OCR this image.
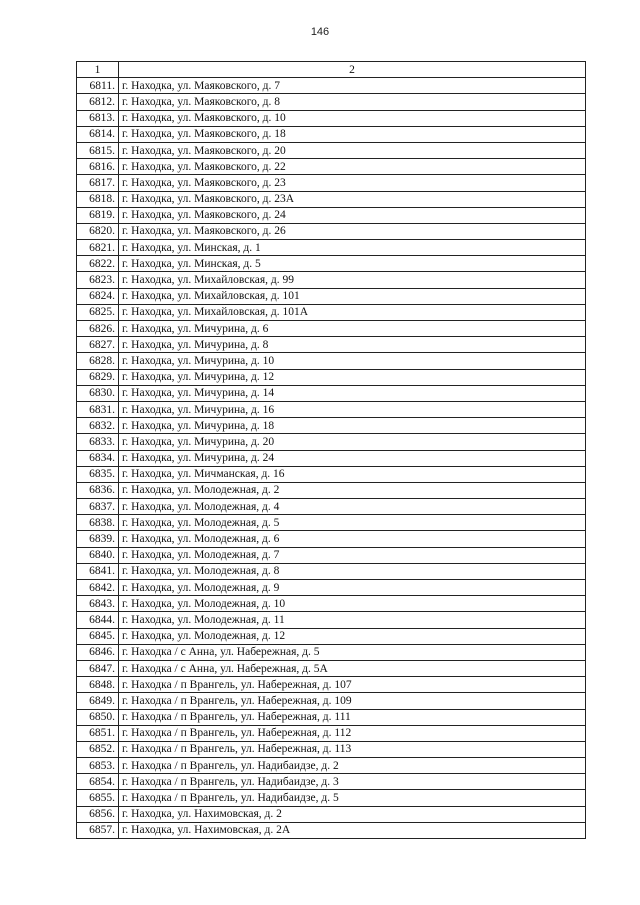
146
1	2
6811.	г. Находка, ул. Маяковского, д. 7
6812.	г. Находка, ул. Маяковского, д. 8
6813.	г. Находка, ул. Маяковского, д. 10
6814.	г. Находка, ул. Маяковского, д. 18
6815.	г. Находка, ул. Маяковского, д. 20
6816.	г. Находка, ул. Маяковского, д. 22
6817.	г. Находка, ул. Маяковского, д. 23
6818.	г. Находка, ул. Маяковского, д. 23А
6819.	г. Находка, ул. Маяковского, д. 24
6820.	г. Находка, ул. Маяковского, д. 26
6821.	г. Находка, ул. Минская, д. 1
6822.	г. Находка, ул. Минская, д. 5
6823.	г. Находка, ул. Михайловская, д. 99
6824.	г. Находка, ул. Михайловская, д. 101
6825.	г. Находка, ул. Михайловская, д. 101А
6826.	г. Находка, ул. Мичурина, д. 6
6827.	г. Находка, ул. Мичурина, д. 8
6828.	г. Находка, ул. Мичурина, д. 10
6829.	г. Находка, ул. Мичурина, д. 12
6830.	г. Находка, ул. Мичурина, д. 14
6831.	г. Находка, ул. Мичурина, д. 16
6832.	г. Находка, ул. Мичурина, д. 18
6833.	г. Находка, ул. Мичурина, д. 20
6834.	г. Находка, ул. Мичурина, д. 24
6835.	г. Находка, ул. Мичманская, д. 16
6836.	г. Находка, ул. Молодежная, д. 2
6837.	г. Находка, ул. Молодежная, д. 4
6838.	г. Находка, ул. Молодежная, д. 5
6839.	г. Находка, ул. Молодежная, д. 6
6840.	г. Находка, ул. Молодежная, д. 7
6841.	г. Находка, ул. Молодежная, д. 8
6842.	г. Находка, ул. Молодежная, д. 9
6843.	г. Находка, ул. Молодежная, д. 10
6844.	г. Находка, ул. Молодежная, д. 11
6845.	г. Находка, ул. Молодежная, д. 12
6846.	г. Находка / с Анна, ул. Набережная, д. 5
6847.	г. Находка / с Анна, ул. Набережная, д. 5А
6848.	г. Находка / п Врангель, ул. Набережная, д. 107
6849.	г. Находка / п Врангель, ул. Набережная, д. 109
6850.	г. Находка / п Врангель, ул. Набережная, д. 111
6851.	г. Находка / п Врангель, ул. Набережная, д. 112
6852.	г. Находка / п Врангель, ул. Набережная, д. 113
6853.	г. Находка / п Врангель, ул. Надибаидзе, д. 2
6854.	г. Находка / п Врангель, ул. Надибаидзе, д. 3
6855.	г. Находка / п Врангель, ул. Надибаидзе, д. 5
6856.	г. Находка, ул. Нахимовская, д. 2
6857.	г. Находка, ул. Нахимовская, д. 2А
